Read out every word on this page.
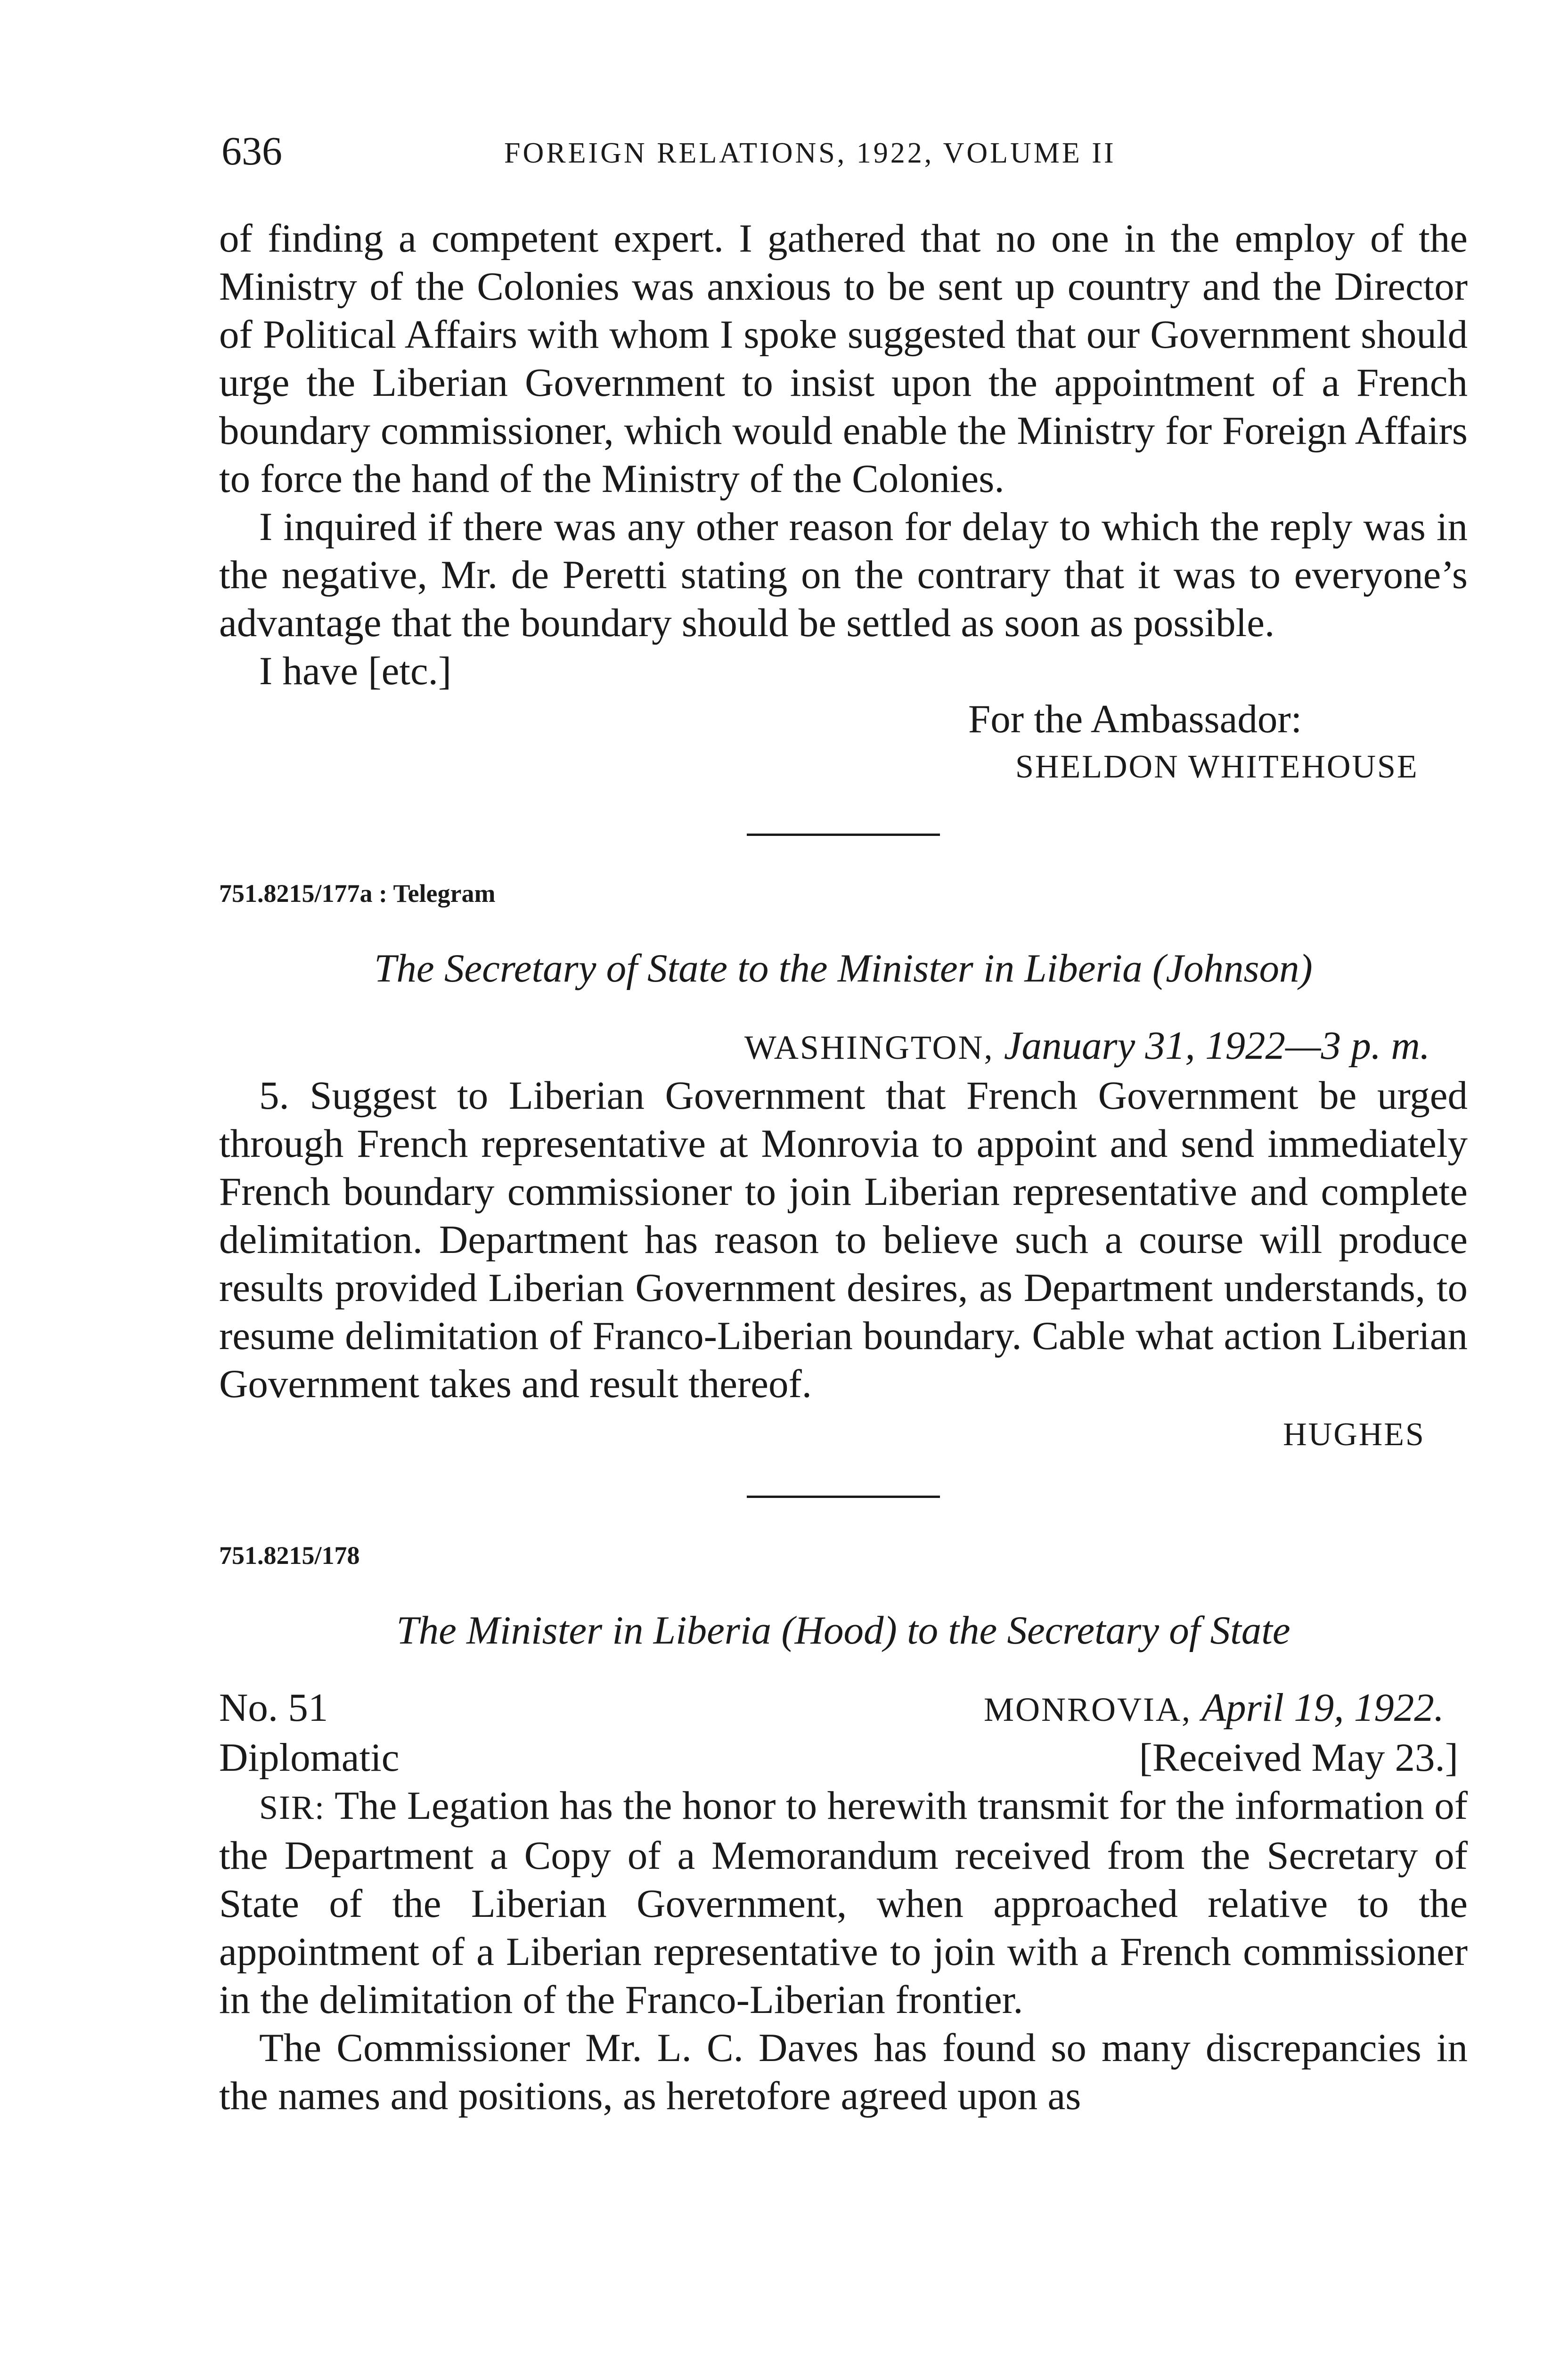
636	FOREIGN RELATIONS, 1922, VOLUME II

of finding a competent expert. I gathered that no one in the employ of the Ministry of the Colonies was anxious to be sent up country and the Director of Political Affairs with whom I spoke suggested that our Government should urge the Liberian Government to insist upon the appointment of a French boundary commissioner, which would enable the Ministry for Foreign Affairs to force the hand of the Ministry of the Colonies.

I inquired if there was any other reason for delay to which the reply was in the negative, Mr. de Peretti stating on the contrary that it was to everyone’s advantage that the boundary should be settled as soon as possible.

I have [etc.]

For the Ambassador:
SHELDON WHITEHOUSE
751.8215/177a : Telegram
The Secretary of State to the Minister in Liberia (Johnson)
WASHINGTON, January 31, 1922—3 p. m.

5. Suggest to Liberian Government that French Government be urged through French representative at Monrovia to appoint and send immediately French boundary commissioner to join Liberian representative and complete delimitation. Department has reason to believe such a course will produce results provided Liberian Government desires, as Department understands, to resume delimitation of Franco-Liberian boundary. Cable what action Liberian Government takes and result thereof.

HUGHES
751.8215/178
The Minister in Liberia (Hood) to the Secretary of State
No. 51	MONROVIA, April 19, 1922.
Diplomatic	[Received May 23.]

SIR: The Legation has the honor to herewith transmit for the information of the Department a Copy of a Memorandum received from the Secretary of State of the Liberian Government, when approached relative to the appointment of a Liberian representative to join with a French commissioner in the delimitation of the Franco-Liberian frontier.

The Commissioner Mr. L. C. Daves has found so many discrepancies in the names and positions, as heretofore agreed upon as
